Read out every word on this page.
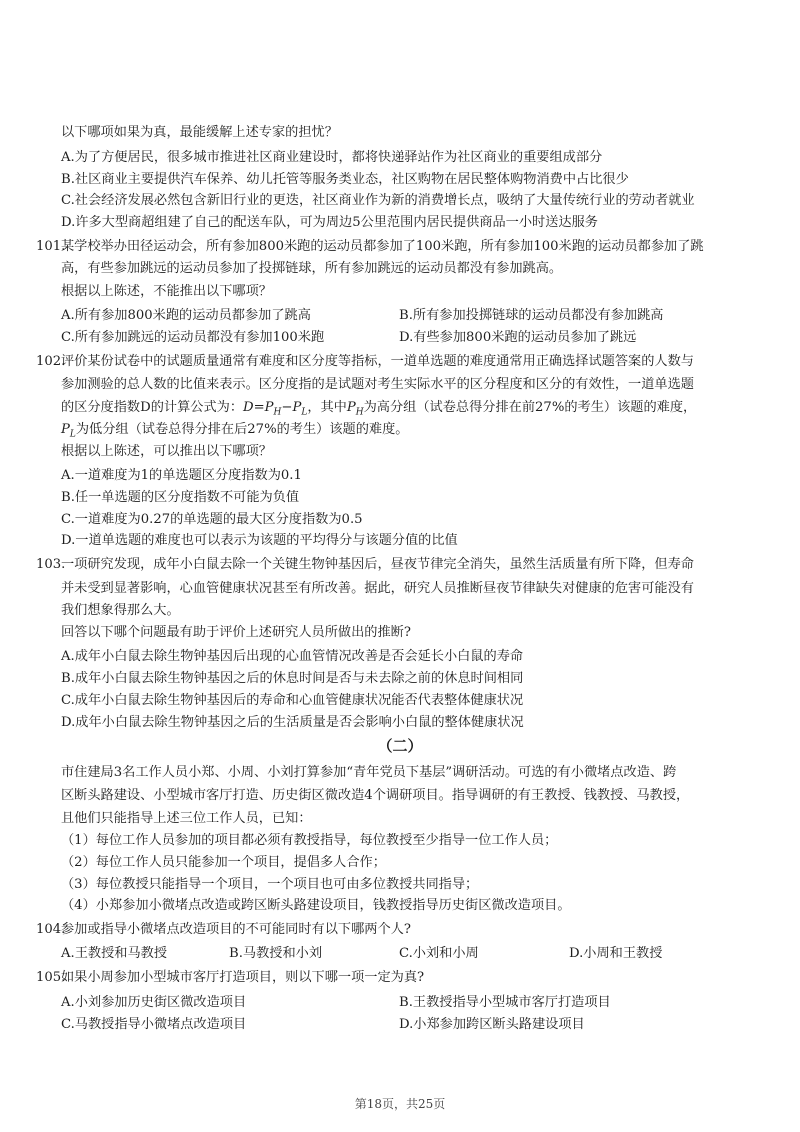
以下哪项如果为真，最能缓解上述专家的担忧？
A.为了方便居民，很多城市推进社区商业建设时，都将快递驿站作为社区商业的重要组成部分
B.社区商业主要提供汽车保养、幼儿托管等服务类业态，社区购物在居民整体购物消费中占比很少
C.社会经济发展必然包含新旧行业的更迭，社区商业作为新的消费增长点，吸纳了大量传统行业的劳动者就业
D.许多大型商超组建了自己的配送车队，可为周边5公里范围内居民提供商品一小时送达服务
101.
某学校举办田径运动会，所有参加800米跑的运动员都参加了100米跑，所有参加100米跑的运动员都参加了跳
高，有些参加跳远的运动员参加了投掷链球，所有参加跳远的运动员都没有参加跳高。
根据以上陈述，不能推出以下哪项？
A.所有参加800米跑的运动员都参加了跳高	B.所有参加投掷链球的运动员都没有参加跳高
C.所有参加跳远的运动员都没有参加100米跑	D.有些参加800米跑的运动员参加了跳远
102.
评价某份试卷中的试题质量通常有难度和区分度等指标，一道单选题的难度通常用正确选择试题答案的人数与
参加测验的总人数的比值来表示。区分度指的是试题对考生实际水平的区分程度和区分的有效性，一道单选题
的区分度指数D的计算公式为：$D=P_H-P_L$，其中$P_H$为高分组（试卷总得分排在前27%的考生）该题的难度，
$P_L$为低分组（试卷总得分排在后27%的考生）该题的难度。
根据以上陈述，可以推出以下哪项？
A.一道难度为1的单选题区分度指数为0.1
B.任一单选题的区分度指数不可能为负值
C.一道难度为0.27的单选题的最大区分度指数为0.5
D.一道单选题的难度也可以表示为该题的平均得分与该题分值的比值
103.
一项研究发现，成年小白鼠去除一个关键生物钟基因后，昼夜节律完全消失，虽然生活质量有所下降，但寿命
并未受到显著影响，心血管健康状况甚至有所改善。据此，研究人员推断昼夜节律缺失对健康的危害可能没有
我们想象得那么大。
回答以下哪个问题最有助于评价上述研究人员所做出的推断?
A.成年小白鼠去除生物钟基因后出现的心血管情况改善是否会延长小白鼠的寿命
B.成年小白鼠去除生物钟基因之后的休息时间是否与未去除之前的休息时间相同
C.成年小白鼠去除生物钟基因后的寿命和心血管健康状况能否代表整体健康状况
D.成年小白鼠去除生物钟基因之后的生活质量是否会影响小白鼠的整体健康状况
（二）
市住建局3名工作人员小郑、小周、小刘打算参加“青年党员下基层”调研活动。可选的有小微堵点改造、跨
区断头路建设、小型城市客厅打造、历史街区微改造4个调研项目。指导调研的有王教授、钱教授、马教授，
且他们只能指导上述三位工作人员，已知：
（1）每位工作人员参加的项目都必须有教授指导，每位教授至少指导一位工作人员；
（2）每位工作人员只能参加一个项目，提倡多人合作；
（3）每位教授只能指导一个项目，一个项目也可由多位教授共同指导；
（4）小郑参加小微堵点改造或跨区断头路建设项目，钱教授指导历史街区微改造项目。
104.
参加或指导小微堵点改造项目的不可能同时有以下哪两个人?
A.王教授和马教授	B.马教授和小刘	C.小刘和小周	D.小周和王教授
105.
如果小周参加小型城市客厅打造项目，则以下哪一项一定为真?
A.小刘参加历史街区微改造项目	B.王教授指导小型城市客厅打造项目
C.马教授指导小微堵点改造项目	D.小郑参加跨区断头路建设项目
第18页，共25页
